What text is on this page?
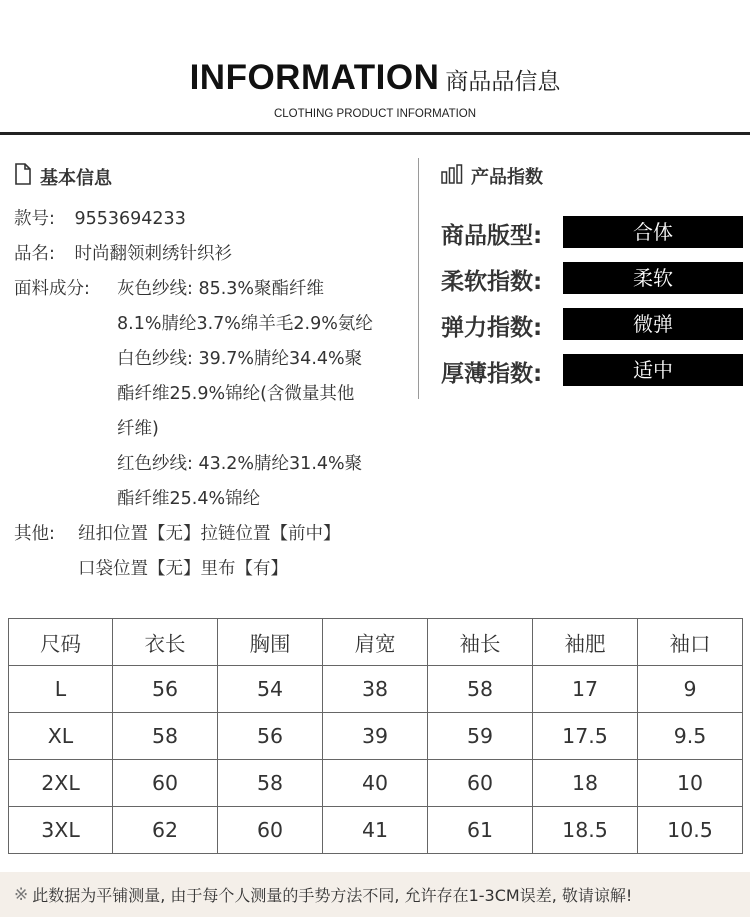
INFORMATION 商品品信息
CLOTHING PRODUCT INFORMATION
基本信息
款号: 9553694233
品名: 时尚翻领刺绣针织衫
面料成分: 灰色纱线: 85.3%聚酯纤维
8.1%腈纶3.7%绵羊毛2.9%氨纶
白色纱线: 39.7%腈纶34.4%聚
酯纤维25.9%锦纶(含微量其他
纤维)
红色纱线: 43.2%腈纶31.4%聚
酯纤维25.4%锦纶
其他: 纽扣位置【无】拉链位置【前中】
口袋位置【无】里布【有】
产品指数
商品版型:	合体
柔软指数:	柔软
弹力指数:	微弹
厚薄指数:	适中
尺码	衣长	胸围	肩宽	袖长	袖肥	袖口
L	56	54	38	58	17	9
XL	58	56	39	59	17.5	9.5
2XL	60	58	40	60	18	10
3XL	62	60	41	61	18.5	10.5
※ 此数据为平铺测量, 由于每个人测量的手势方法不同, 允许存在1-3CM误差, 敬请谅解!
